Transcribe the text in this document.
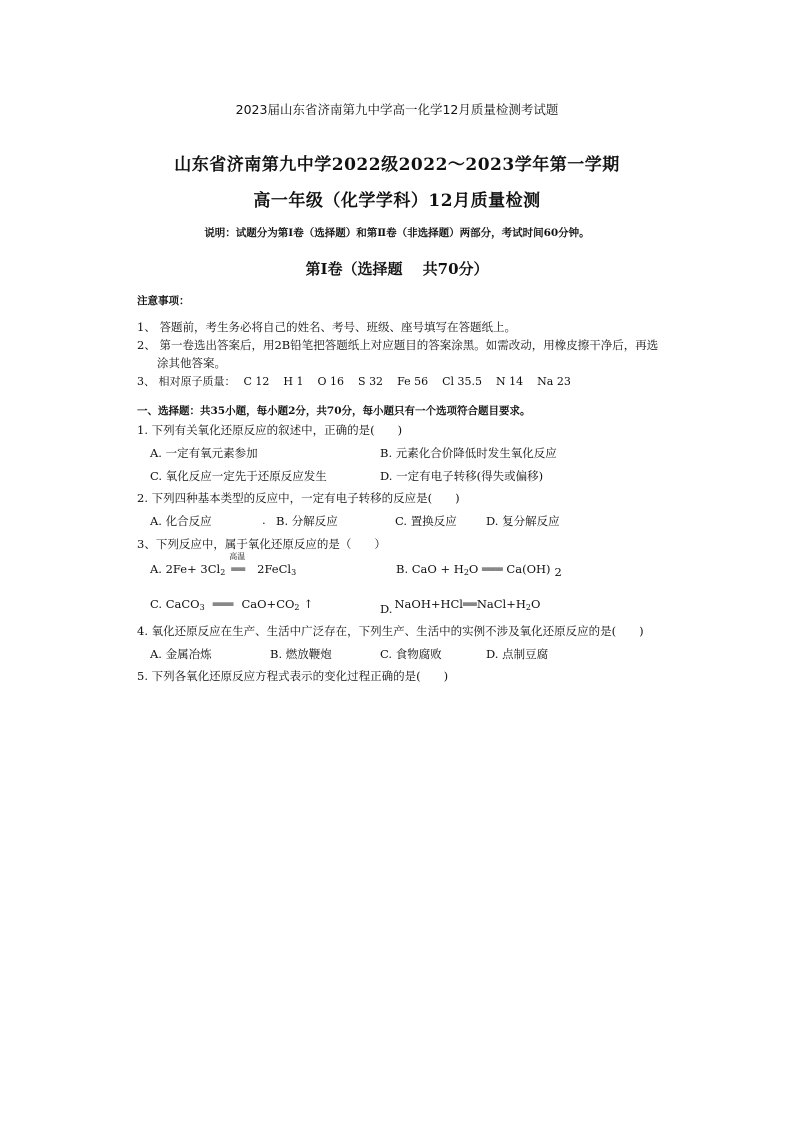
2023届山东省济南第九中学高一化学12月质量检测考试题
山东省济南第九中学2022级2022～2023学年第一学期
高一年级（化学学科）12月质量检测
说明：试题分为第Ⅰ卷（选择题）和第Ⅱ卷（非选择题）两部分，考试时间60分钟。
第Ⅰ卷（选择题　 共70分）
注意事项：
1、 答题前，考生务必将自己的姓名、考号、班级、座号填写在答题纸上。
2、 第一卷选出答案后，用2B铅笔把答题纸上对应题目的答案涂黑。如需改动，用橡皮擦干净后，再选
涂其他答案。
3、 相对原子质量： C 12 H 1 O 16 S 32 Fe 56 Cl 35.5 N 14 Na 23
一、选择题：共35小题，每小题2分，共70分，每小题只有一个选项符合题目要求。
1. 下列有关氧化还原反应的叙述中，正确的是(　　)
A. 一定有氧元素参加	B. 元素化合价降低时发生氧化反应
C. 氧化反应一定先于还原反应发生	D. 一定有电子转移(得失或偏移)
2. 下列四种基本类型的反应中，一定有电子转移的反应是(　　)
A. 化合反应	. B. 分解反应	C. 置换反应	D. 复分解反应
3、下列反应中，属于氧化还原反应的是（　　）
A. $2Fe+ 3Cl_2$
高温
══ 2FeCl$_3$	B. CaO + $H_2O$ ═══ Ca(OH) 2
C. CaCO$_3$ ═══ $CaO+CO_2$ ↑	D. $NaOH+HCl══NaCl+H_2O$
4. 氧化还原反应在生产、生活中广泛存在，下列生产、生活中的实例不涉及氧化还原反应的是(　　)
A. 金属冶炼	B. 燃放鞭炮	C. 食物腐败	D. 点制豆腐
5. 下列各氧化还原反应方程式表示的变化过程正确的是(　　)
